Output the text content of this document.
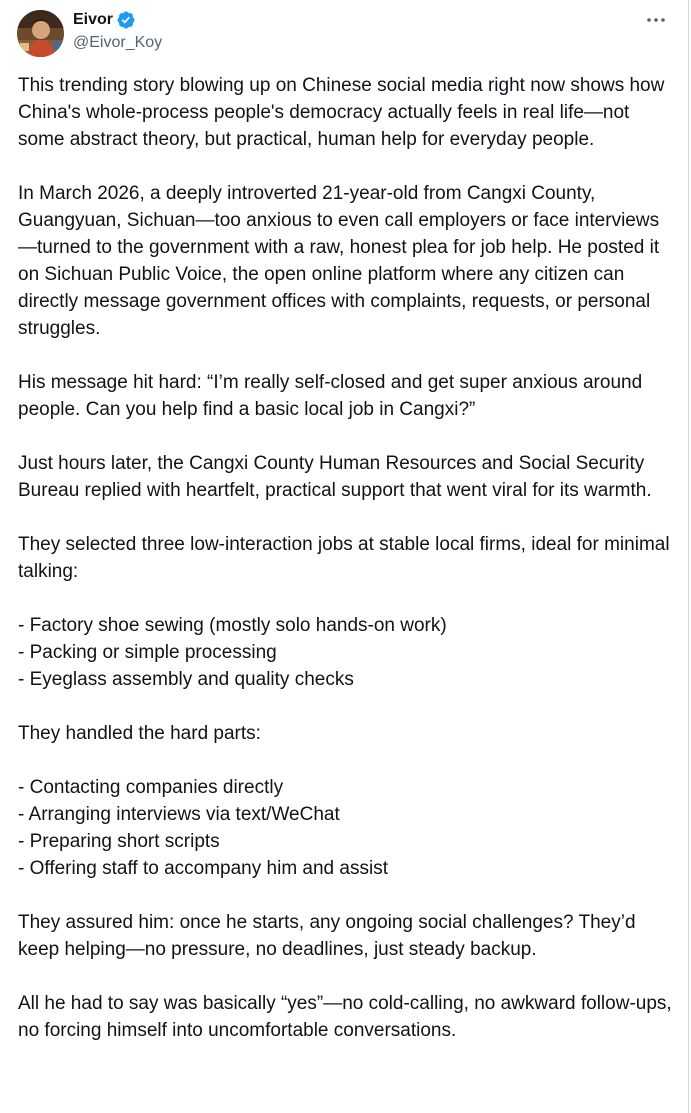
Eivor
@Eivor_Koy

This trending story blowing up on Chinese social media right now shows how China's whole-process people's democracy actually feels in real life—not some abstract theory, but practical, human help for everyday people.

In March 2026, a deeply introverted 21-year-old from Cangxi County, Guangyuan, Sichuan—too anxious to even call employers or face interviews—turned to the government with a raw, honest plea for job help. He posted it on Sichuan Public Voice, the open online platform where any citizen can directly message government offices with complaints, requests, or personal struggles.

His message hit hard: “I’m really self-closed and get super anxious around people. Can you help find a basic local job in Cangxi?”

Just hours later, the Cangxi County Human Resources and Social Security Bureau replied with heartfelt, practical support that went viral for its warmth.

They selected three low-interaction jobs at stable local firms, ideal for minimal talking:

- Factory shoe sewing (mostly solo hands-on work)
- Packing or simple processing
- Eyeglass assembly and quality checks

They handled the hard parts:

- Contacting companies directly
- Arranging interviews via text/WeChat
- Preparing short scripts
- Offering staff to accompany him and assist

They assured him: once he starts, any ongoing social challenges? They’d keep helping—no pressure, no deadlines, just steady backup.

All he had to say was basically “yes”—no cold-calling, no awkward follow-ups, no forcing himself into uncomfortable conversations.
